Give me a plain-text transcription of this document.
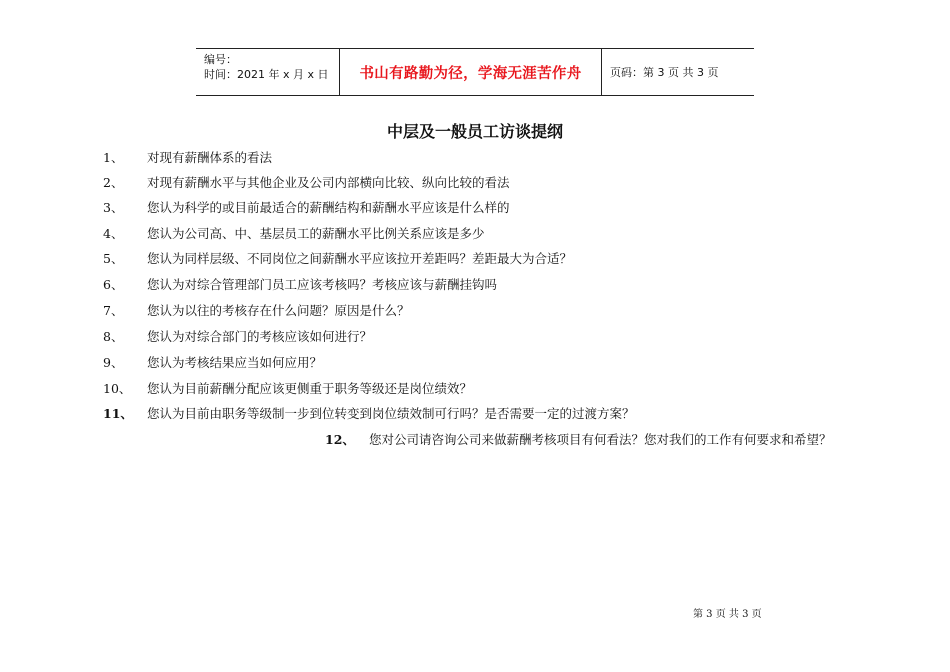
编号：
时间：2021 年 x 月 x 日	书山有路勤为径，学海无涯苦作舟	页码：第 3 页 共 3 页
中层及一般员工访谈提纲
1、 对现有薪酬体系的看法
2、 对现有薪酬水平与其他企业及公司内部横向比较、纵向比较的看法
3、 您认为科学的或目前最适合的薪酬结构和薪酬水平应该是什么样的
4、 您认为公司高、中、基层员工的薪酬水平比例关系应该是多少
5、 您认为同样层级、不同岗位之间薪酬水平应该拉开差距吗？差距最大为合适？
6、 您认为对综合管理部门员工应该考核吗？考核应该与薪酬挂钩吗
7、 您认为以往的考核存在什么问题？原因是什么？
8、 您认为对综合部门的考核应该如何进行？
9、 您认为考核结果应当如何应用？
10、 您认为目前薪酬分配应该更侧重于职务等级还是岗位绩效？
11、 您认为目前由职务等级制一步到位转变到岗位绩效制可行吗？是否需要一定的过渡方案？
12、 您对公司请咨询公司来做薪酬考核项目有何看法？您对我们的工作有何要求和希望？
第 3 页 共 3 页
